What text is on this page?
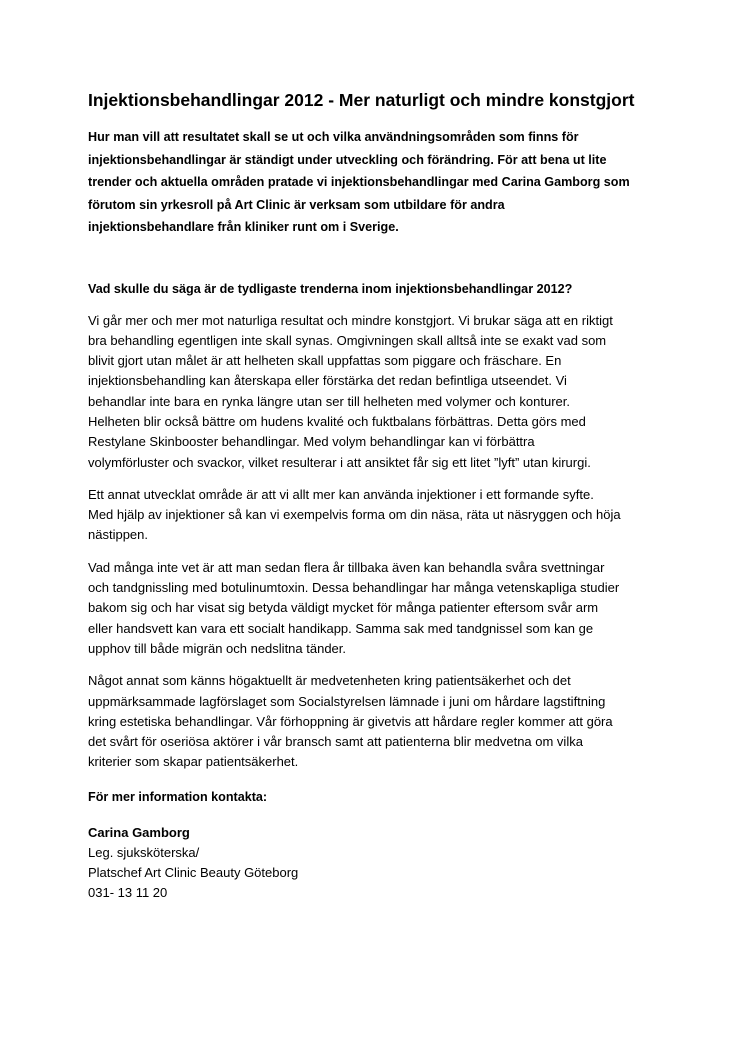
Injektionsbehandlingar 2012 - Mer naturligt och mindre konstgjort

Hur man vill att resultatet skall se ut och vilka användningsområden som finns för

injektionsbehandlingar är ständigt under utveckling och förändring. För att bena ut lite

trender och aktuella områden pratade vi injektionsbehandlingar med Carina Gamborg som

förutom sin yrkesroll på Art Clinic är verksam som utbildare för andra

injektionsbehandlare från kliniker runt om i Sverige.

Vad skulle du säga är de tydligaste trenderna inom injektionsbehandlingar 2012?
Vi går mer och mer mot naturliga resultat och mindre konstgjort. Vi brukar säga att en riktigt
bra behandling egentligen inte skall synas. Omgivningen skall alltså inte se exakt vad som
blivit gjort utan målet är att helheten skall uppfattas som piggare och fräschare. En
injektionsbehandling kan återskapa eller förstärka det redan befintliga utseendet. Vi
behandlar inte bara en rynka längre utan ser till helheten med volymer och konturer.
Helheten blir också bättre om hudens kvalité och fuktbalans förbättras. Detta görs med
Restylane Skinbooster behandlingar. Med volym behandlingar kan vi förbättra
volymförluster och svackor, vilket resulterar i att ansiktet får sig ett litet ”lyft” utan kirurgi.
Ett annat utvecklat område är att vi allt mer kan använda injektioner i ett formande syfte.
Med hjälp av injektioner så kan vi exempelvis forma om din näsa, räta ut näsryggen och höja
nästippen.
Vad många inte vet är att man sedan flera år tillbaka även kan behandla svåra svettningar
och tandgnissling med botulinumtoxin. Dessa behandlingar har många vetenskapliga studier
bakom sig och har visat sig betyda väldigt mycket för många patienter eftersom svår arm
eller handsvett kan vara ett socialt handikapp. Samma sak med tandgnissel som kan ge
upphov till både migrän och nedslitna tänder.
Något annat som känns högaktuellt är medvetenheten kring patientsäkerhet och det
uppmärksammade lagförslaget som Socialstyrelsen lämnade i juni om hårdare lagstiftning
kring estetiska behandlingar. Vår förhoppning är givetvis att hårdare regler kommer att göra
det svårt för oseriösa aktörer i vår bransch samt att patienterna blir medvetna om vilka
kriterier som skapar patientsäkerhet.
För mer information kontakta:
Carina Gamborg
Leg. sjuksköterska/
Platschef Art Clinic Beauty Göteborg
031- 13 11 20
